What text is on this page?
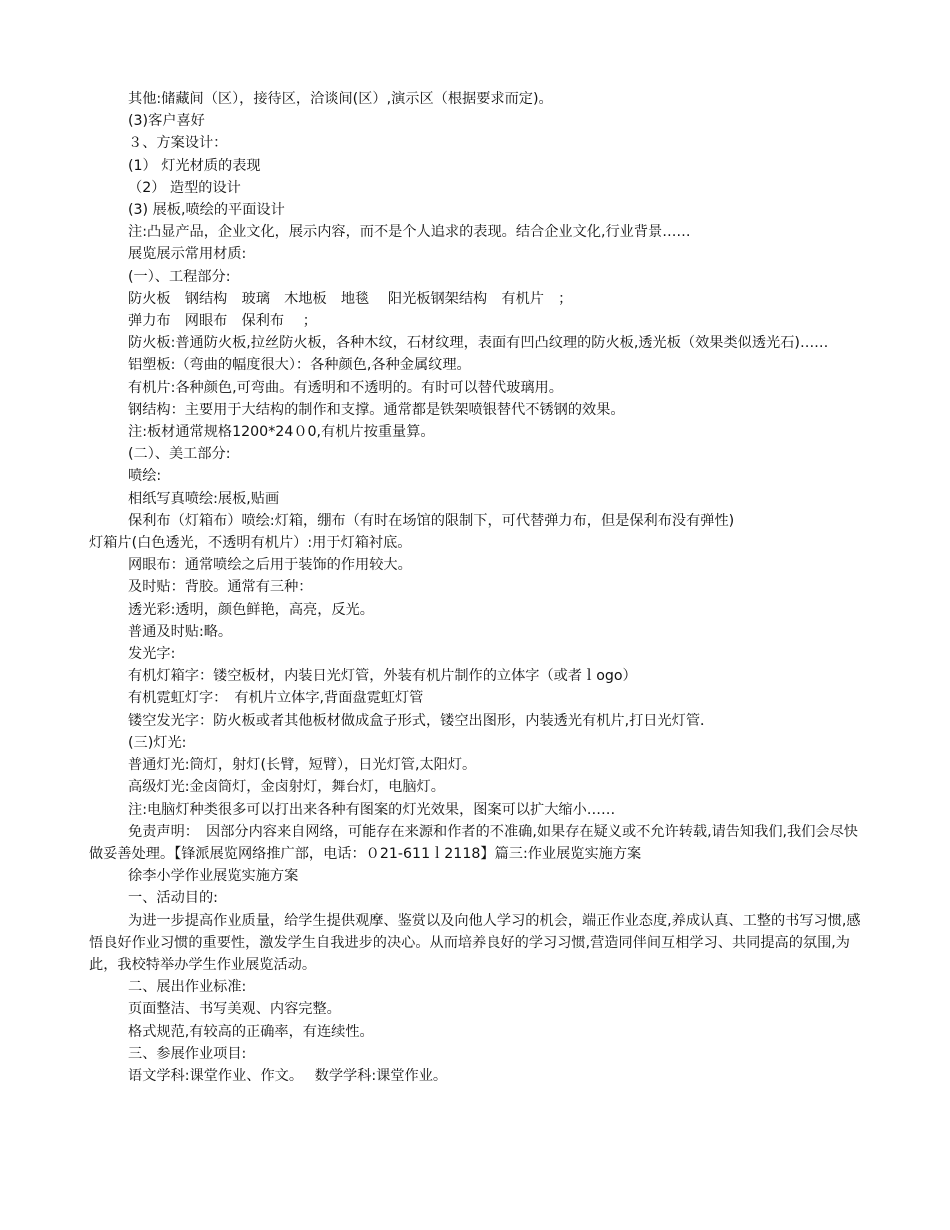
其他:储藏间（区），接待区，洽谈间(区）,演示区（根据要求而定)。

(3)客户喜好

３、方案设计：

(1） 灯光材质的表现

（2） 造型的设计

(3) 展板,喷绘的平面设计

注:凸显产品，企业文化，展示内容，而不是个人追求的表现。结合企业文化,行业背景……

展览展示常用材质:

(一）、工程部分:

防火板　钢结构　玻璃　木地板　地毯　 阳光板钢架结构　有机片　；

弹力布　网眼布　保利布　 ；

防火板:普通防火板,拉丝防火板，各种木纹，石材纹理，表面有凹凸纹理的防火板,透光板（效果类似透光石)……

铝塑板:（弯曲的幅度很大）：各种颜色,各种金属纹理。

有机片:各种颜色,可弯曲。有透明和不透明的。有时可以替代玻璃用。

钢结构：主要用于大结构的制作和支撑。通常都是铁架喷银替代不锈钢的效果。

注:板材通常规格1200*24０0,有机片按重量算。

(二）、美工部分:

喷绘:

相纸写真喷绘:展板,贴画

保利布（灯箱布）喷绘:灯箱，绷布（有时在场馆的限制下，可代替弹力布，但是保利布没有弹性)

灯箱片(白色透光，不透明有机片）:用于灯箱衬底。

网眼布：通常喷绘之后用于装饰的作用较大。

及时贴：背胶。通常有三种：

透光彩:透明，颜色鲜艳，高亮，反光。

普通及时贴:略。

发光字:

有机灯箱字：镂空板材，内装日光灯管，外装有机片制作的立体字（或者ｌogo）

有机霓虹灯字：　有机片立体字,背面盘霓虹灯管

镂空发光字：防火板或者其他板材做成盒子形式，镂空出图形，内装透光有机片,打日光灯管．

(三)灯光:

普通灯光:筒灯，射灯(长臂，短臂），日光灯管,太阳灯。

高级灯光:金卤筒灯，金卤射灯，舞台灯，电脑灯。

注:电脑灯种类很多可以打出来各种有图案的灯光效果，图案可以扩大缩小……

免责声明：　因部分内容来自网络，可能存在来源和作者的不准确,如果存在疑义或不允许转载,请告知我们,我们会尽快做妥善处理。【锋派展览网络推广部，电话：０21-611ｌ2118】篇三:作业展览实施方案

徐李小学作业展览实施方案

一、活动目的:

为进一步提高作业质量，给学生提供观摩、鉴赏以及向他人学习的机会，端正作业态度,养成认真、工整的书写习惯,感悟良好作业习惯的重要性，激发学生自我进步的决心。从而培养良好的学习习惯,营造同伴间互相学习、共同提高的氛围,为此，我校特举办学生作业展览活动。

二、展出作业标准:

页面整洁、书写美观、内容完整。

格式规范,有较高的正确率，有连续性。

三、参展作业项目:

语文学科:课堂作业、作文。　 数学学科:课堂作业。
